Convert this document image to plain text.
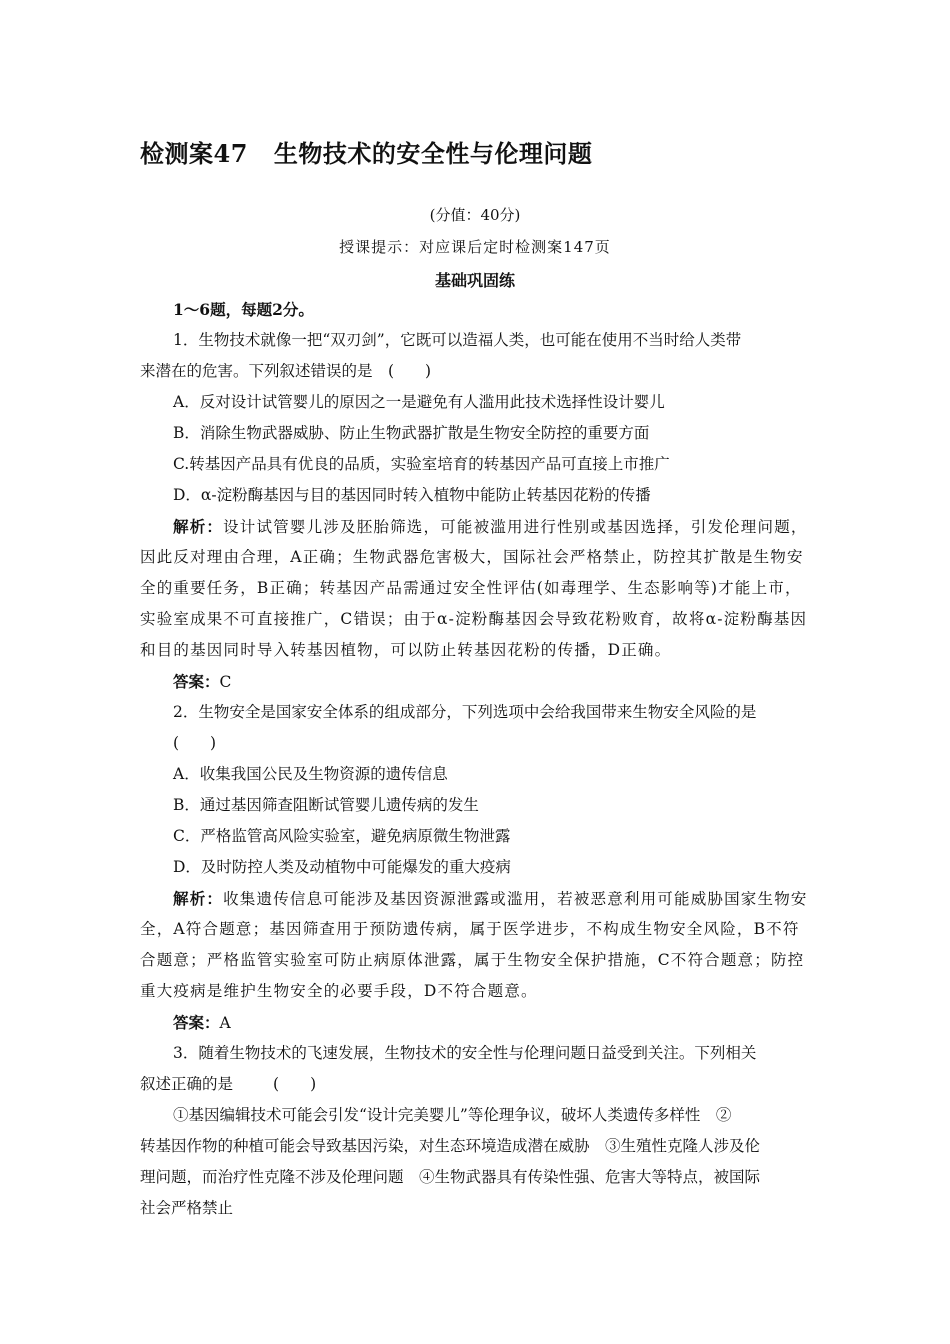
检测案47 生物技术的安全性与伦理问题
(分值：40分)
授课提示：对应课后定时检测案147页
基础巩固练
1～6题，每题2分。
1．生物技术就像一把“双刃剑”，它既可以造福人类，也可能在使用不当时给人类带
来潜在的危害。下列叙述错误的是　(　　)
A．反对设计试管婴儿的原因之一是避免有人滥用此技术选择性设计婴儿
B．消除生物武器威胁、防止生物武器扩散是生物安全防控的重要方面
C.转基因产品具有优良的品质，实验室培育的转基因产品可直接上市推广
D．α-淀粉酶基因与目的基因同时转入植物中能防止转基因花粉的传播
解析：设计试管婴儿涉及胚胎筛选，可能被滥用进行性别或基因选择，引发伦理问题，
因此反对理由合理，A正确；生物武器危害极大，国际社会严格禁止，防控其扩散是生物安
全的重要任务，B正确；转基因产品需通过安全性评估(如毒理学、生态影响等)才能上市，
实验室成果不可直接推广，C错误；由于α-淀粉酶基因会导致花粉败育，故将α-淀粉酶基因
和目的基因同时导入转基因植物，可以防止转基因花粉的传播，D正确。
答案：C
2．生物安全是国家安全体系的组成部分，下列选项中会给我国带来生物安全风险的是
(　　)
A．收集我国公民及生物资源的遗传信息
B．通过基因筛查阻断试管婴儿遗传病的发生
C．严格监管高风险实验室，避免病原微生物泄露
D．及时防控人类及动植物中可能爆发的重大疫病
解析：收集遗传信息可能涉及基因资源泄露或滥用，若被恶意利用可能威胁国家生物安
全，A符合题意；基因筛查用于预防遗传病，属于医学进步，不构成生物安全风险，B不符
合题意；严格监管实验室可防止病原体泄露，属于生物安全保护措施，C不符合题意；防控
重大疫病是维护生物安全的必要手段，D不符合题意。
答案：A
3．随着生物技术的飞速发展，生物技术的安全性与伦理问题日益受到关注。下列相关
叙述正确的是	(　　)
①基因编辑技术可能会引发“设计完美婴儿”等伦理争议，破坏人类遗传多样性　②
转基因作物的种植可能会导致基因污染，对生态环境造成潜在威胁　③生殖性克隆人涉及伦
理问题，而治疗性克隆不涉及伦理问题　④生物武器具有传染性强、危害大等特点，被国际
社会严格禁止
